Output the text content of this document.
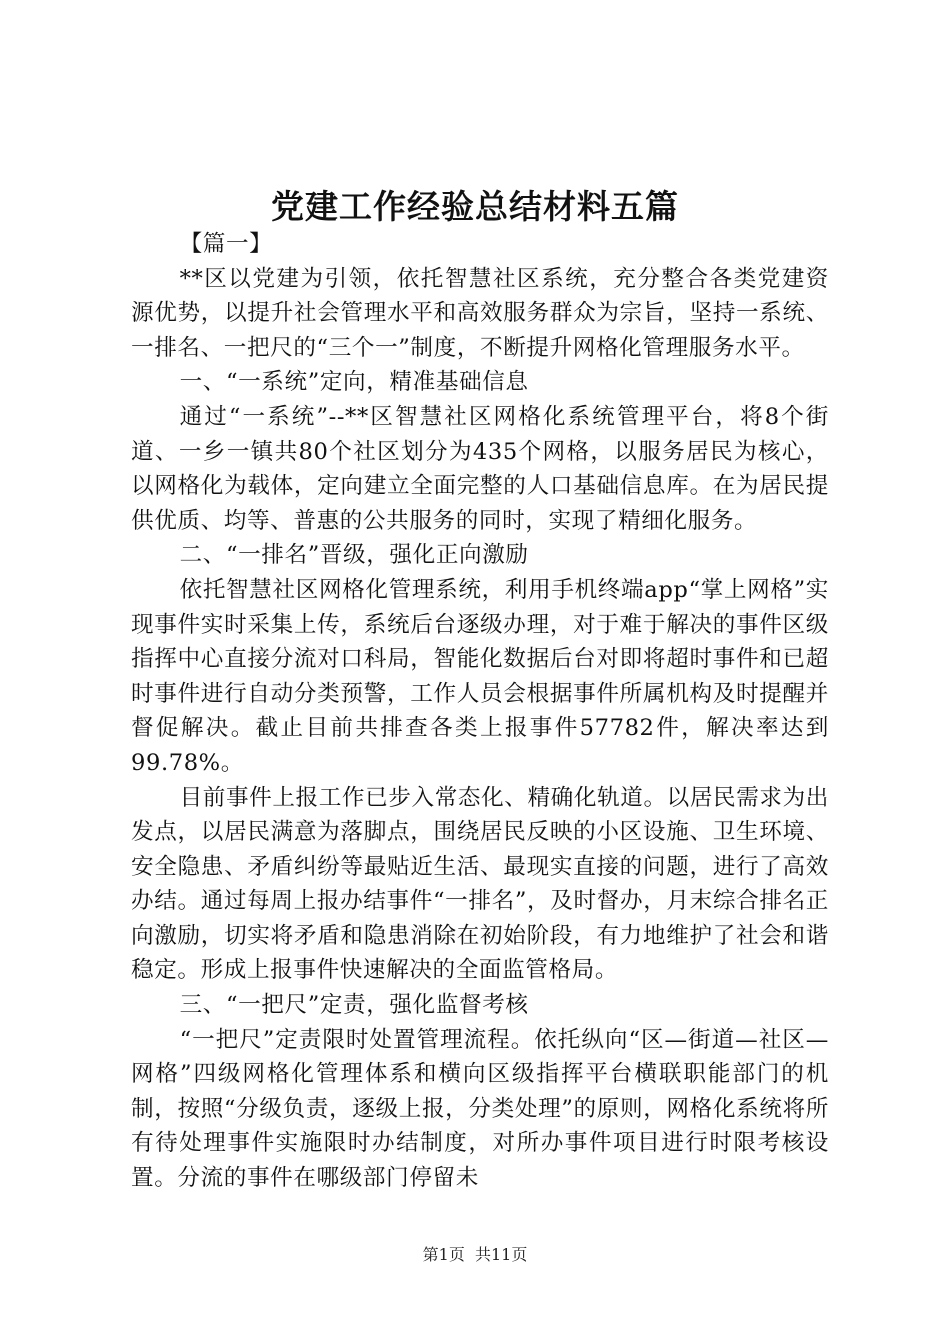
党建工作经验总结材料五篇

【篇一】

**区以党建为引领，依托智慧社区系统，充分整合各类党建资源优势，以提升社会管理水平和高效服务群众为宗旨，坚持一系统、一排名、一把尺的“三个一”制度，不断提升网格化管理服务水平。

一、“一系统”定向，精准基础信息

通过“一系统”--**区智慧社区网格化系统管理平台，将8个街道、一乡一镇共80个社区划分为435个网格，以服务居民为核心，以网格化为载体，定向建立全面完整的人口基础信息库。在为居民提供优质、均等、普惠的公共服务的同时，实现了精细化服务。

二、“一排名”晋级，强化正向激励

依托智慧社区网格化管理系统，利用手机终端app“掌上网格”实现事件实时采集上传，系统后台逐级办理，对于难于解决的事件区级指挥中心直接分流对口科局，智能化数据后台对即将超时事件和已超时事件进行自动分类预警，工作人员会根据事件所属机构及时提醒并督促解决。截止目前共排查各类上报事件57782件，解决率达到99.78%。

目前事件上报工作已步入常态化、精确化轨道。以居民需求为出发点，以居民满意为落脚点，围绕居民反映的小区设施、卫生环境、安全隐患、矛盾纠纷等最贴近生活、最现实直接的问题，进行了高效办结。通过每周上报办结事件“一排名”，及时督办，月末综合排名正向激励，切实将矛盾和隐患消除在初始阶段，有力地维护了社会和谐稳定。形成上报事件快速解决的全面监管格局。

三、“一把尺”定责，强化监督考核

“一把尺”定责限时处置管理流程。依托纵向“区—街道—社区—网格”四级网格化管理体系和横向区级指挥平台横联职能部门的机制，按照“分级负责，逐级上报，分类处理”的原则，网格化系统将所有待处理事件实施限时办结制度，对所办事件项目进行时限考核设置。分流的事件在哪级部门停留未

第1页  共11页
